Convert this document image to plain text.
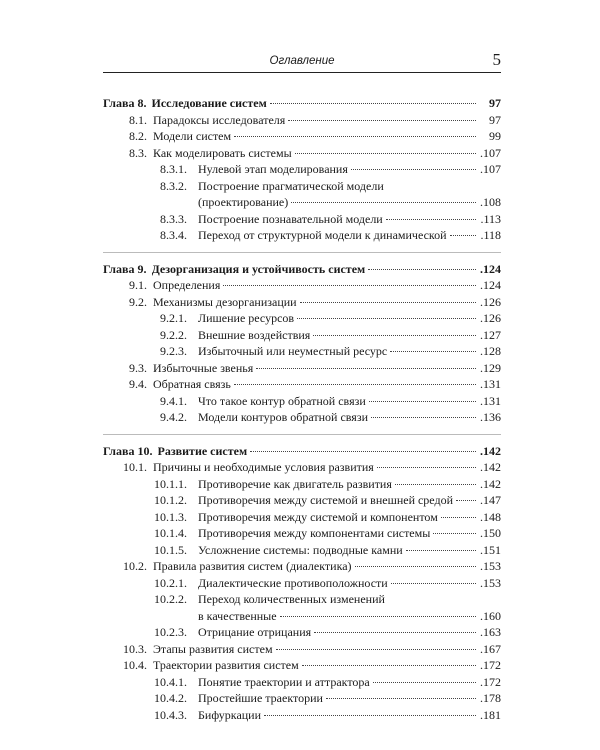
Оглавление	5
Глава 8. Исследование систем	97
8.1. Парадоксы исследователя	97
8.2. Модели систем	99
8.3. Как моделировать системы	.107
8.3.1. Нулевой этап моделирования	.107
8.3.2. Построение прагматической модели
(проектирование)	.108
8.3.3. Построение познавательной модели	.113
8.3.4. Переход от структурной модели к динамической	.118
Глава 9. Дезорганизация и устойчивость систем	.124
9.1. Определения	.124
9.2. Механизмы дезорганизации	.126
9.2.1. Лишение ресурсов	.126
9.2.2. Внешние воздействия	.127
9.2.3. Избыточный или неуместный ресурс	.128
9.3. Избыточные звенья	.129
9.4. Обратная связь	.131
9.4.1. Что такое контур обратной связи	.131
9.4.2. Модели контуров обратной связи	.136
Глава 10. Развитие систем	.142
10.1. Причины и необходимые условия развития	.142
10.1.1. Противоречие как двигатель развития	.142
10.1.2. Противоречия между системой и внешней средой .147
10.1.3. Противоречия между системой и компонентом	.148
10.1.4. Противоречия между компонентами системы	.150
10.1.5. Усложнение системы: подводные камни	.151
10.2. Правила развития систем (диалектика)	.153
10.2.1. Диалектические противоположности	.153
10.2.2. Переход количественных изменений
в качественные	.160
10.2.3. Отрицание отрицания	.163
10.3. Этапы развития систем	.167
10.4. Траектории развития систем	.172
10.4.1. Понятие траектории и аттрактора	.172
10.4.2. Простейшие траектории	.178
10.4.3. Бифуркации	.181
